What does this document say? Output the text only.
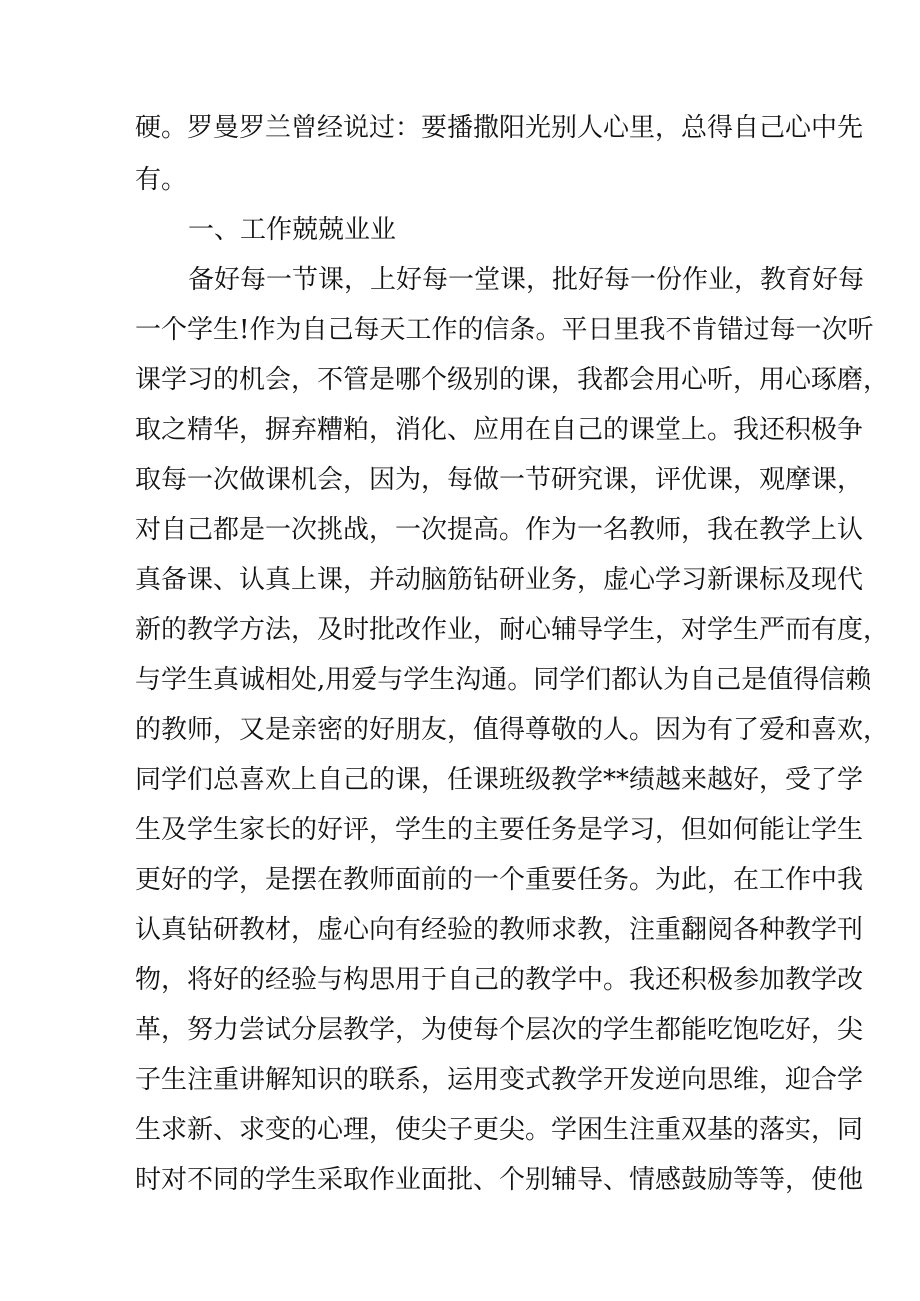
硬。罗曼罗兰曾经说过：要播撒阳光别人心里，总得自己心中先
有。
一、工作兢兢业业
备好每一节课，上好每一堂课，批好每一份作业，教育好每
一个学生!作为自己每天工作的信条。平日里我不肯错过每一次听
课学习的机会，不管是哪个级别的课，我都会用心听，用心琢磨，
取之精华，摒弃糟粕，消化、应用在自己的课堂上。我还积极争
取每一次做课机会，因为，每做一节研究课，评优课，观摩课，
对自己都是一次挑战，一次提高。作为一名教师，我在教学上认
真备课、认真上课，并动脑筋钻研业务，虚心学习新课标及现代
新的教学方法，及时批改作业，耐心辅导学生，对学生严而有度，
与学生真诚相处,用爱与学生沟通。同学们都认为自己是值得信赖
的教师，又是亲密的好朋友，值得尊敬的人。因为有了爱和喜欢，
同学们总喜欢上自己的课，任课班级教学**绩越来越好，受了学
生及学生家长的好评，学生的主要任务是学习，但如何能让学生
更好的学，是摆在教师面前的一个重要任务。为此，在工作中我
认真钻研教材，虚心向有经验的教师求教，注重翻阅各种教学刊
物，将好的经验与构思用于自己的教学中。我还积极参加教学改
革，努力尝试分层教学，为使每个层次的学生都能吃饱吃好，尖
子生注重讲解知识的联系，运用变式教学开发逆向思维，迎合学
生求新、求变的心理，使尖子更尖。学困生注重双基的落实，同
时对不同的学生采取作业面批、个别辅导、情感鼓励等等，使他
